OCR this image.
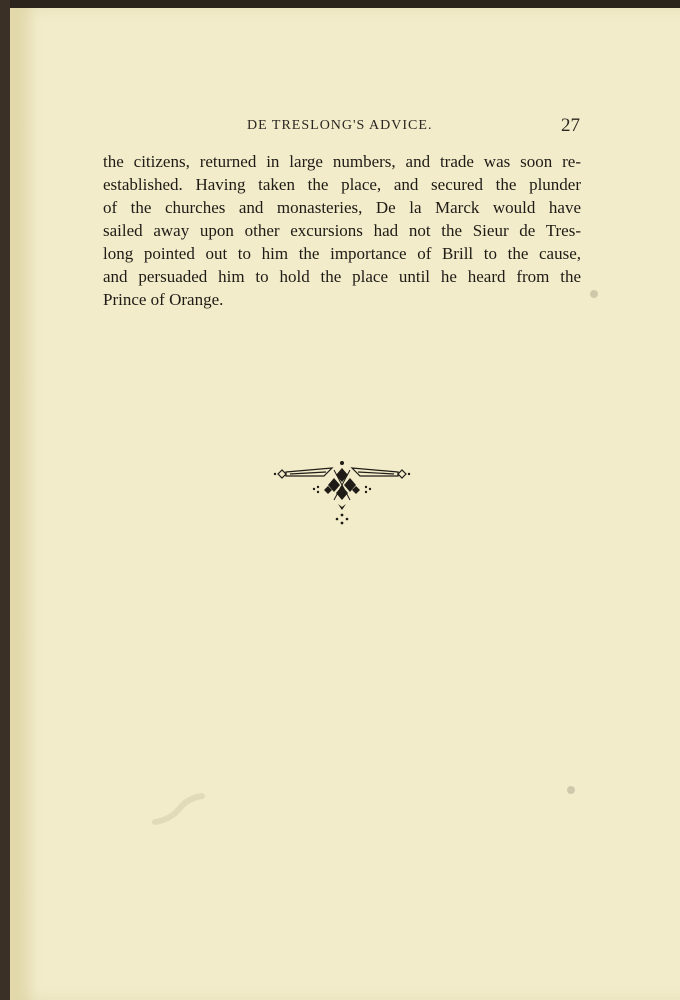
DE TRESLONG'S ADVICE.	27
the citizens, returned in large numbers, and trade was soon re-
established. Having taken the place, and secured the plunder
of the churches and monasteries, De la Marck would have
sailed away upon other excursions had not the Sieur de Tres-
long pointed out to him the importance of Brill to the cause,
and persuaded him to hold the place until he heard from the
Prince of Orange.
